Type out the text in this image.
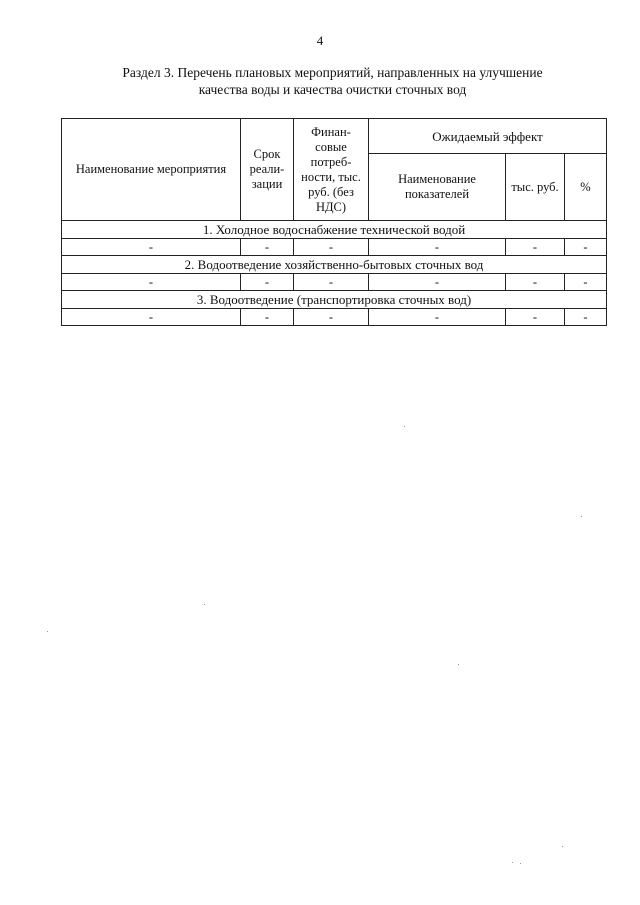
4
Раздел 3. Перечень плановых мероприятий, направленных на улучшение
качества воды и качества очистки сточных вод
Наименование мероприятия	Срок реали- зации	Финан- совые потреб- ности, тыс. руб. (без НДС)	Ожидаемый эффект		
			Наименование показателей	тыс. руб.	%
1. Холодное водоснабжение технической водой					
-	-	-	-	-	-
2. Водоотведение хозяйственно-бытовых сточных вод					
-	-	-	-	-	-
3. Водоотведение (транспортировка сточных вод)					
-	-	-	-	-	-
